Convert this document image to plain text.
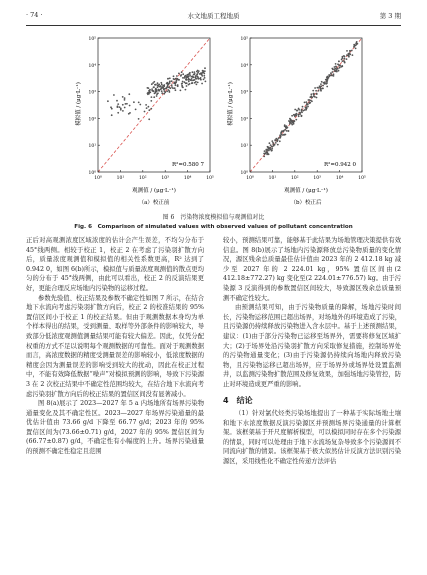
· 74 ·	水文地质工程地质	第 3 期
10⁰
10¹
10²
10³
10⁴
10⁵
10⁰	10¹	10²	10³	10⁴	10⁵
模拟值 / (μg·L⁻¹)
观测值 / (μg·L⁻¹)
R²=0.580 7
（a）校正前
10⁰
10¹
10²
10³
10⁴
10⁵
10⁰	10¹	10²	10³	10⁴	10⁵
模拟值 / (μg·L⁻¹)
观测值 / (μg·L⁻¹)
R²=0.942 0
（b）校正后
图 6　污染物浓度模拟值与观测值对比
Fig. 6　Comparison of simulated values with observed values of pollutant concentration

正后对高观测浓度区域浓度的估计会产生误差，不均匀分布于 45°线两侧。相较于校正 1，校正 2 在考虑了污染羽扩散方向后，质量浓度观测值和模拟值的相关性系数更高，R² 达到了 0.942 0，如图 6(b)所示，模拟值与质量浓度观测值的散点更均匀的分布于 45°线两侧，由此可以看出，校正 2 的反演结果更好，更能合理反应场地内污染物的运移过程。

参数先验值、校正结果及参数不确定性如图 7 所示，在结合地下水流向考虑污染羽扩散方向后，校正 2 的校准结果的 95% 置信区间小于校正 1 的校正结果。但由于观测数据本身均为单个样本得出的结果，受到测量、取样等外部条件的影响较大，导致部分低浓度观测值测量结果可能有较大偏差。因此，仅凭分配权重的方式不足以说明每个观测数据的可靠性。面对于观测数据而言，高浓度数据的精度受测量误差的影响较小，低浓度数据的精度会因为测量误差的影响受到较大的扰动，因此在校正过程中，不能有效降低数据“噪声”对模拟预测的影响，导致下污染源 3 在 2 次校正结果中不确定性范围均较大，在结合地下水流向考虑污染羽扩散方向后的校正结果的置信区间没有显著减小。

图 8(a)展示了 2023—2027 年 5 a 内场地所有场界污染物通量变化及其不确定性区。2023—2027 年场界污染通量的最优估计值由 73.66 g/d 下降至 66.77 g/d；2023 年的 95% 置信区间为(73.66±0.71) g/d，2027 年的 95% 置信区间为(66.77±0.87) g/d，不确定性有小幅度的上升。场界污染通量的预测不确定性稳定且范围

较小，预测结果可靠，能够基于此结果为场地管理决策提供有效信息。图 8(b)展示了场地内污染源释放总污染物质量的变化情况，源区残余总质量最佳估计值由 2023 年的 2 412.18 kg 减少至 2027 年的 2 224.01 kg，95% 置信区间由(2 412.18±772.27) kg 变化至(2 224.01±776.57) kg。由于污染源 3 反演得到的参数置信区间较大，导致源区残余总质量预测不确定性较大。

由预测结果可知，由于污染物质量的降解，场地污染时间长，污染物运移范围已超出场界，对场地外的环境造成了污染，且污染源仍持续释放污染物进入含水层中。基于上述预测结果，建议：(1)由于部分污染物已运移至场界外，需要将修复区域扩大；(2)于场界处沿污染羽扩散方向采取修复措施，控制场界处的污染物通量变化；(3)由于污染源仍持续向场地内释放污染物，且污染物运移已超出场界，应于场界外或场界处设置监测井，以监测污染物扩散范围及修复效果，加强场地污染管控，防止对环境造成更严重的影响。

4　结论

（1）针对氯代烃类污染场地提出了一种基于实际场地土壤和地下水浓度数据反演污染源区并预测场界污染通量的计算框架。该框架基于开尺度解析模型，可以模拟同时存在多个污染源的情景，同时可以处理由于地下水流场复杂导致多个污染源间不同流向扩散的情景。该框架基于极大似然估计反演方法识别污染源区，采用线性化不确定性传递方法评估
